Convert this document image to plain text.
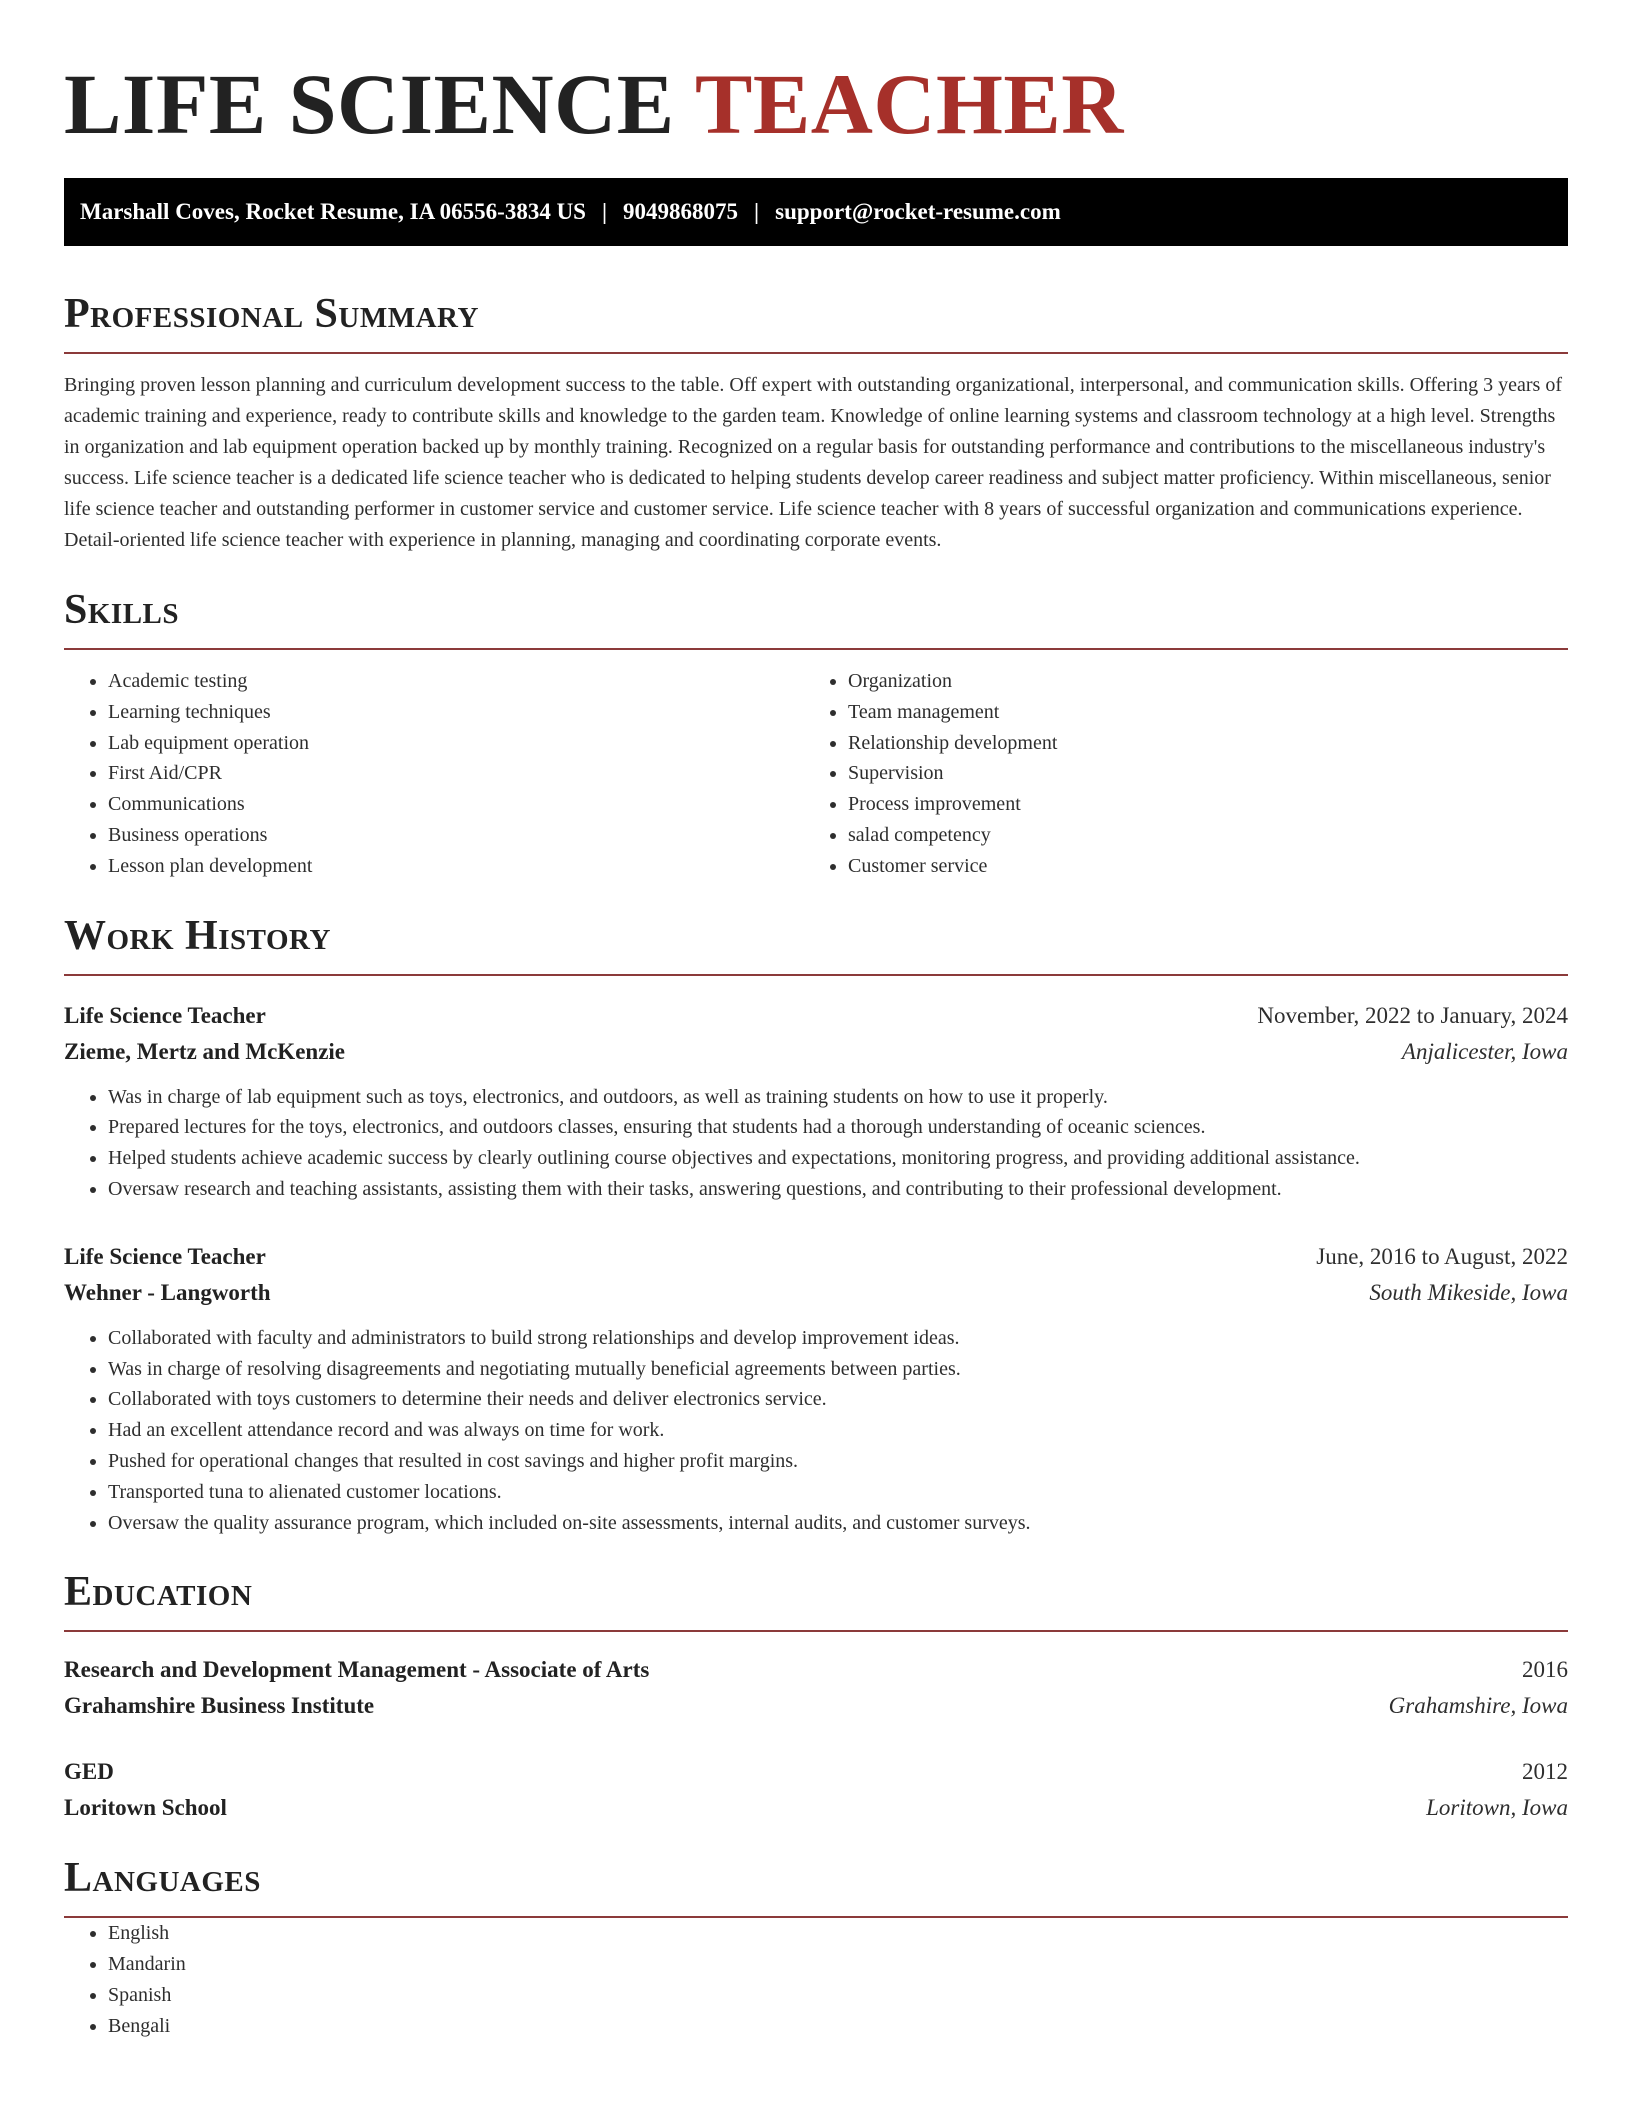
LIFE SCIENCE TEACHER
Marshall Coves, Rocket Resume, IA 06556-3834 US | 9049868075 | support@rocket-resume.com
Professional Summary

Bringing proven lesson planning and curriculum development success to the table. Off expert with outstanding organizational, interpersonal, and communication skills. Offering 3 years of academic training and experience, ready to contribute skills and knowledge to the garden team. Knowledge of online learning systems and classroom technology at a high level. Strengths in organization and lab equipment operation backed up by monthly training. Recognized on a regular basis for outstanding performance and contributions to the miscellaneous industry's success. Life science teacher is a dedicated life science teacher who is dedicated to helping students develop career readiness and subject matter proficiency. Within miscellaneous, senior life science teacher and outstanding performer in customer service and customer service. Life science teacher with 8 years of successful organization and communications experience. Detail-oriented life science teacher with experience in planning, managing and coordinating corporate events.

Skills
• Academic testing
• Learning techniques
• Lab equipment operation
• First Aid/CPR
• Communications
• Business operations
• Lesson plan development
• Organization
• Team management
• Relationship development
• Supervision
• Process improvement
• salad competency
• Customer service
Work History
Life Science Teacher	November, 2022 to January, 2024
Zieme, Mertz and McKenzie	Anjalicester, Iowa
• Was in charge of lab equipment such as toys, electronics, and outdoors, as well as training students on how to use it properly.
• Prepared lectures for the toys, electronics, and outdoors classes, ensuring that students had a thorough understanding of oceanic sciences.
• Helped students achieve academic success by clearly outlining course objectives and expectations, monitoring progress, and providing additional assistance.
• Oversaw research and teaching assistants, assisting them with their tasks, answering questions, and contributing to their professional development.
Life Science Teacher	June, 2016 to August, 2022
Wehner - Langworth	South Mikeside, Iowa
• Collaborated with faculty and administrators to build strong relationships and develop improvement ideas.
• Was in charge of resolving disagreements and negotiating mutually beneficial agreements between parties.
• Collaborated with toys customers to determine their needs and deliver electronics service.
• Had an excellent attendance record and was always on time for work.
• Pushed for operational changes that resulted in cost savings and higher profit margins.
• Transported tuna to alienated customer locations.
• Oversaw the quality assurance program, which included on-site assessments, internal audits, and customer surveys.
Education
Research and Development Management - Associate of Arts	2016
Grahamshire Business Institute	Grahamshire, Iowa
GED	2012
Loritown School	Loritown, Iowa
Languages
• English
• Mandarin
• Spanish
• Bengali
